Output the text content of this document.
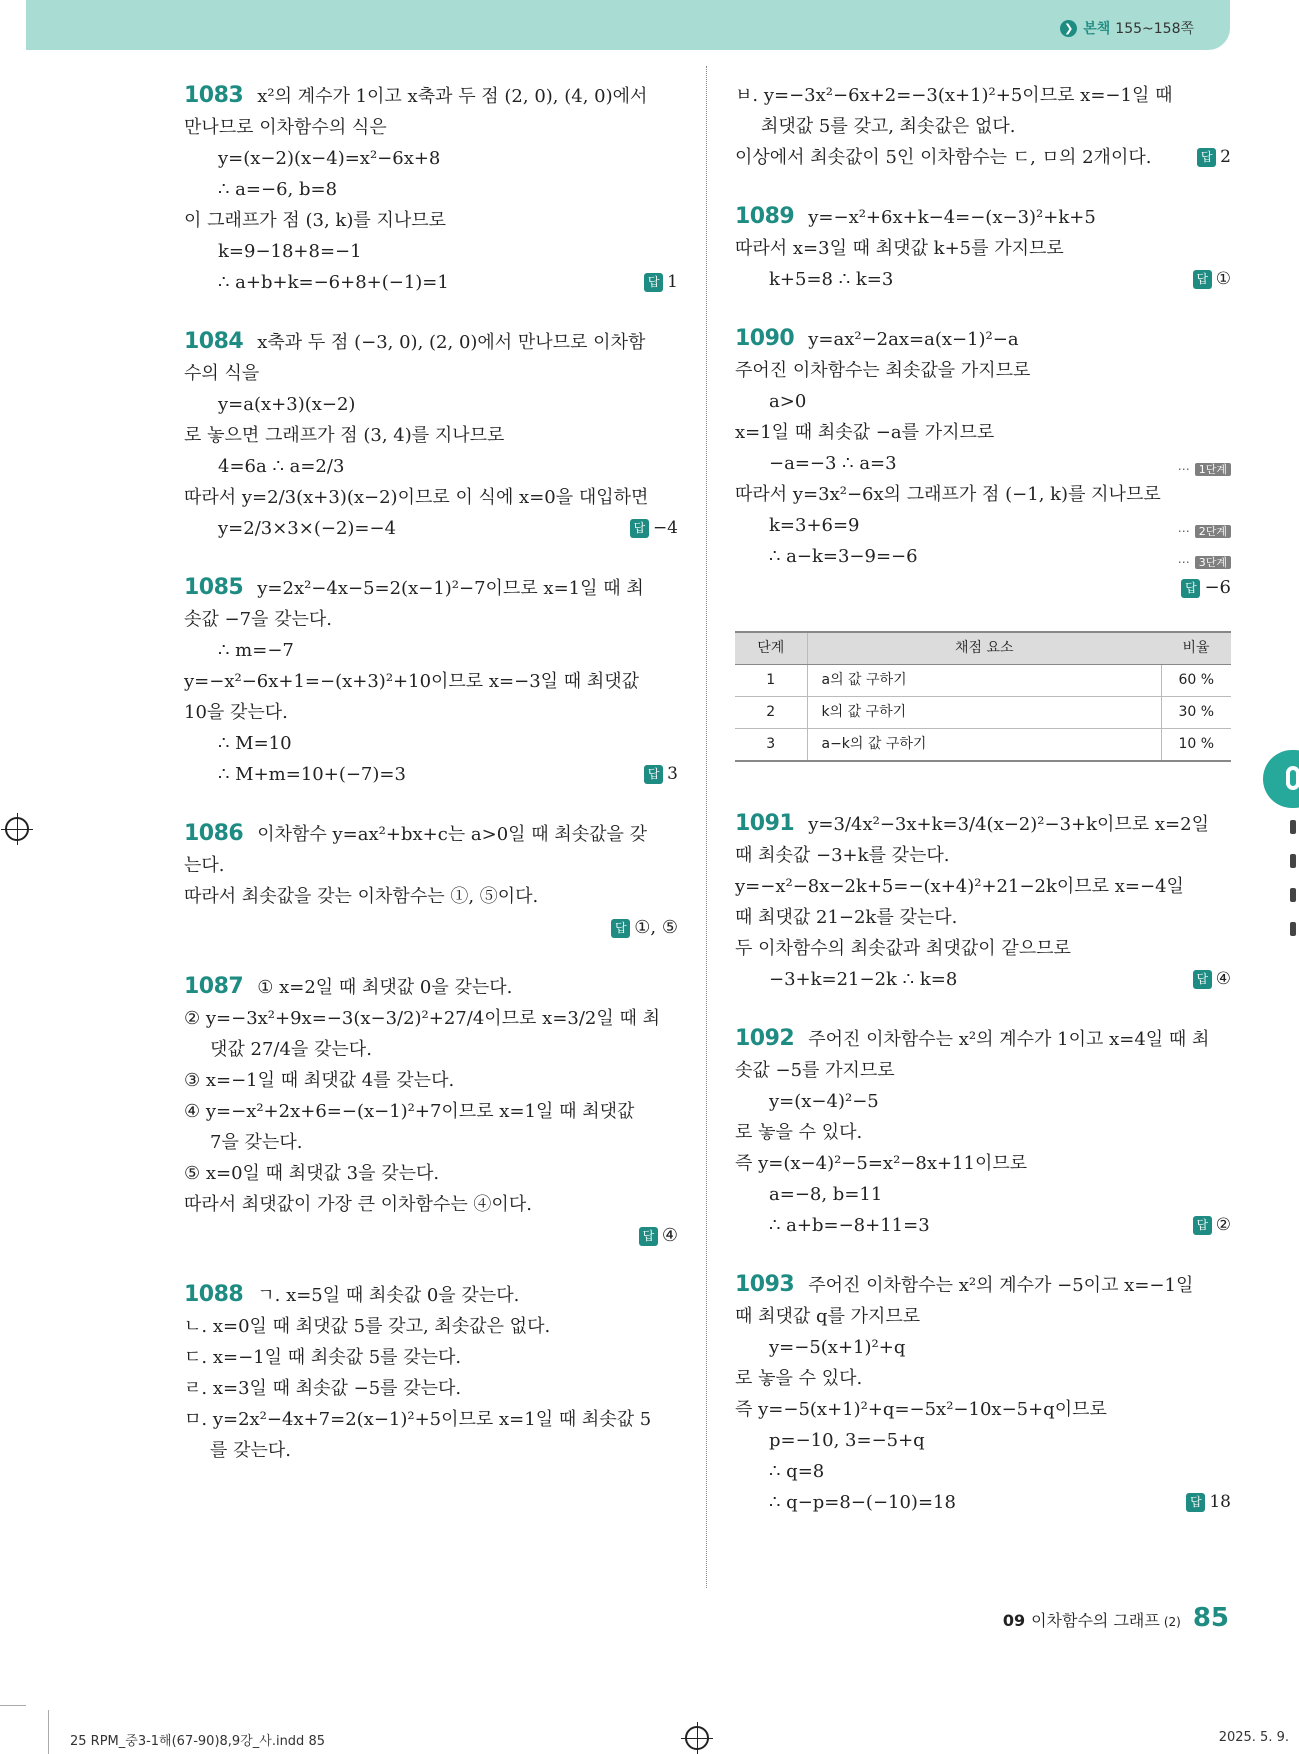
❯ 본책 155~158쪽
1083 x²의 계수가 1이고 x축과 두 점 (2, 0), (4, 0)에서
만나므로 이차함수의 식은
y=(x−2)(x−4)=x²−6x+8
∴ a=−6, b=8
이 그래프가 점 (3, k)를 지나므로
k=9−18+8=−1
∴ a+b+k=−6+8+(−1)=1	답 1
1084 x축과 두 점 (−3, 0), (2, 0)에서 만나므로 이차함
수의 식을
y=a(x+3)(x−2)
로 놓으면 그래프가 점 (3, 4)를 지나므로
4=6a ∴ a=2/3
따라서 y=2/3(x+3)(x−2)이므로 이 식에 x=0을 대입하면
y=2/3×3×(−2)=−4	답 −4
1085 y=2x²−4x−5=2(x−1)²−7이므로 x=1일 때 최
솟값 −7을 갖는다.
∴ m=−7
y=−x²−6x+1=−(x+3)²+10이므로 x=−3일 때 최댓값
10을 갖는다.
∴ M=10
∴ M+m=10+(−7)=3	답 3
1086 이차함수 y=ax²+bx+c는 a>0일 때 최솟값을 갖
는다.
따라서 최솟값을 갖는 이차함수는 ①, ⑤이다.
답 ①, ⑤
1087 ① x=2일 때 최댓값 0을 갖는다.
② y=−3x²+9x=−3(x−3/2)²+27/4이므로 x=3/2일 때 최
댓값 27/4을 갖는다.
③ x=−1일 때 최댓값 4를 갖는다.
④ y=−x²+2x+6=−(x−1)²+7이므로 x=1일 때 최댓값
7을 갖는다.
⑤ x=0일 때 최댓값 3을 갖는다.
따라서 최댓값이 가장 큰 이차함수는 ④이다.
답 ④
1088 ㄱ. x=5일 때 최솟값 0을 갖는다.
ㄴ. x=0일 때 최댓값 5를 갖고, 최솟값은 없다.
ㄷ. x=−1일 때 최솟값 5를 갖는다.
ㄹ. x=3일 때 최솟값 −5를 갖는다.
ㅁ. y=2x²−4x+7=2(x−1)²+5이므로 x=1일 때 최솟값 5
를 갖는다.
ㅂ. y=−3x²−6x+2=−3(x+1)²+5이므로 x=−1일 때
최댓값 5를 갖고, 최솟값은 없다.
이상에서 최솟값이 5인 이차함수는 ㄷ, ㅁ의 2개이다.	답 2
1089 y=−x²+6x+k−4=−(x−3)²+k+5
따라서 x=3일 때 최댓값 k+5를 가지므로
k+5=8 ∴ k=3	답 ①
1090 y=ax²−2ax=a(x−1)²−a
주어진 이차함수는 최솟값을 가지므로
a>0
x=1일 때 최솟값 −a를 가지므로
−a=−3 ∴ a=3	⋯ 1단계
따라서 y=3x²−6x의 그래프가 점 (−1, k)를 지나므로
k=3+6=9	⋯ 2단계
∴ a−k=3−9=−6	⋯ 3단계
답 −6
단계	채점 요소	비율
1	a의 값 구하기	60 %
2	k의 값 구하기	30 %
3	a−k의 값 구하기	10 %
1091 y=3/4x²−3x+k=3/4(x−2)²−3+k이므로 x=2일
때 최솟값 −3+k를 갖는다.
y=−x²−8x−2k+5=−(x+4)²+21−2k이므로 x=−4일
때 최댓값 21−2k를 갖는다.
두 이차함수의 최솟값과 최댓값이 같으므로
−3+k=21−2k ∴ k=8	답 ④
1092 주어진 이차함수는 x²의 계수가 1이고 x=4일 때 최
솟값 −5를 가지므로
y=(x−4)²−5
로 놓을 수 있다.
즉 y=(x−4)²−5=x²−8x+11이므로
a=−8, b=11
∴ a+b=−8+11=3	답 ②
1093 주어진 이차함수는 x²의 계수가 −5이고 x=−1일
때 최댓값 q를 가지므로
y=−5(x+1)²+q
로 놓을 수 있다.
즉 y=−5(x+1)²+q=−5x²−10x−5+q이므로
p=−10, 3=−5+q
∴ q=8
∴ q−p=8−(−10)=18	답 18
09 이차함수의 그래프 (2) 85
25 RPM_중3-1해(67-90)8,9강_사.indd 85	2025. 5. 9.
